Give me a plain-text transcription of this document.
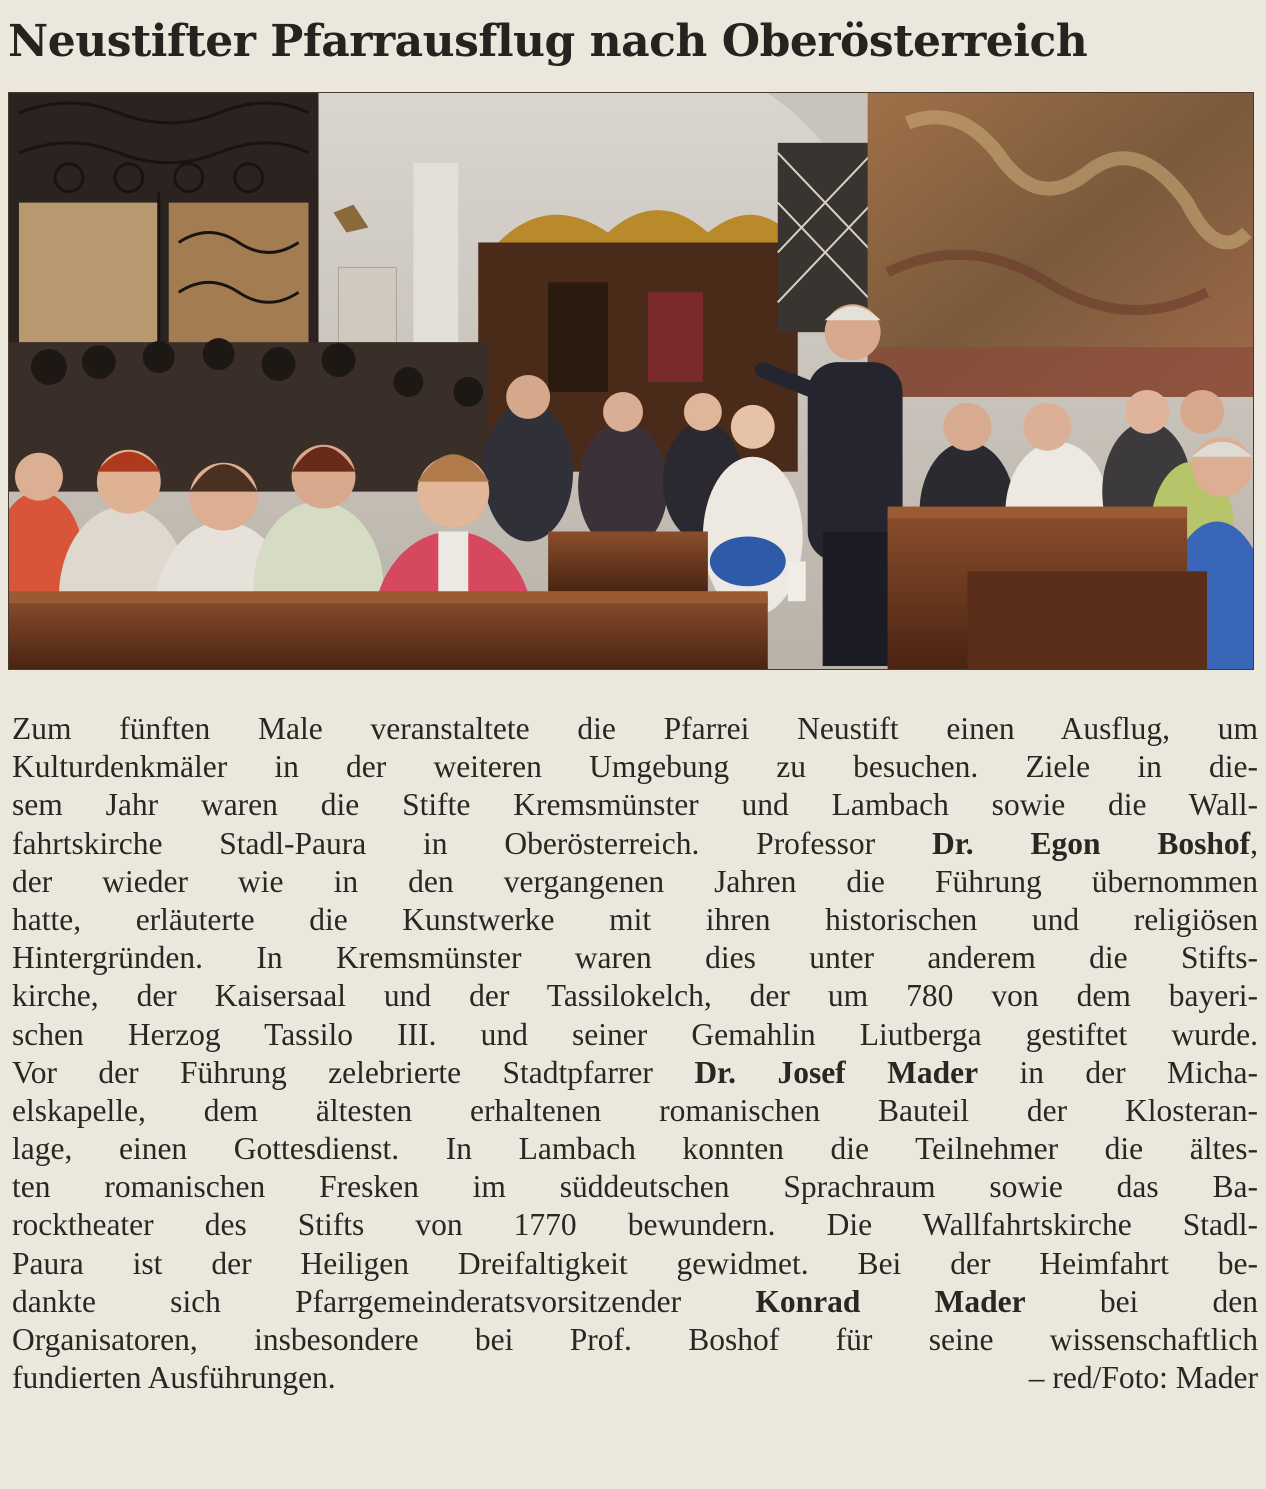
Neustifter Pfarrausflug nach Oberösterreich
Zum fünften Male veranstaltete die Pfarrei Neustift einen Ausflug, um
Kulturdenkmäler in der weiteren Umgebung zu besuchen. Ziele in die-
sem Jahr waren die Stifte Kremsmünster und Lambach sowie die Wall-
fahrtskirche Stadl-Paura in Oberösterreich. Professor Dr. Egon Boshof,
der wieder wie in den vergangenen Jahren die Führung übernommen
hatte, erläuterte die Kunstwerke mit ihren historischen und religiösen
Hintergründen. In Kremsmünster waren dies unter anderem die Stifts-
kirche, der Kaisersaal und der Tassilokelch, der um 780 von dem bayeri-
schen Herzog Tassilo III. und seiner Gemahlin Liutberga gestiftet wurde.
Vor der Führung zelebrierte Stadtpfarrer Dr. Josef Mader in der Micha-
elskapelle, dem ältesten erhaltenen romanischen Bauteil der Klosteran-
lage, einen Gottesdienst. In Lambach konnten die Teilnehmer die ältes-
ten romanischen Fresken im süddeutschen Sprachraum sowie das Ba-
rocktheater des Stifts von 1770 bewundern. Die Wallfahrtskirche Stadl-
Paura ist der Heiligen Dreifaltigkeit gewidmet. Bei der Heimfahrt be-
dankte sich Pfarrgemeinderatsvorsitzender Konrad Mader bei den
Organisatoren, insbesondere bei Prof. Boshof für seine wissenschaftlich
fundierten Ausführungen.	– red/Foto: Mader
